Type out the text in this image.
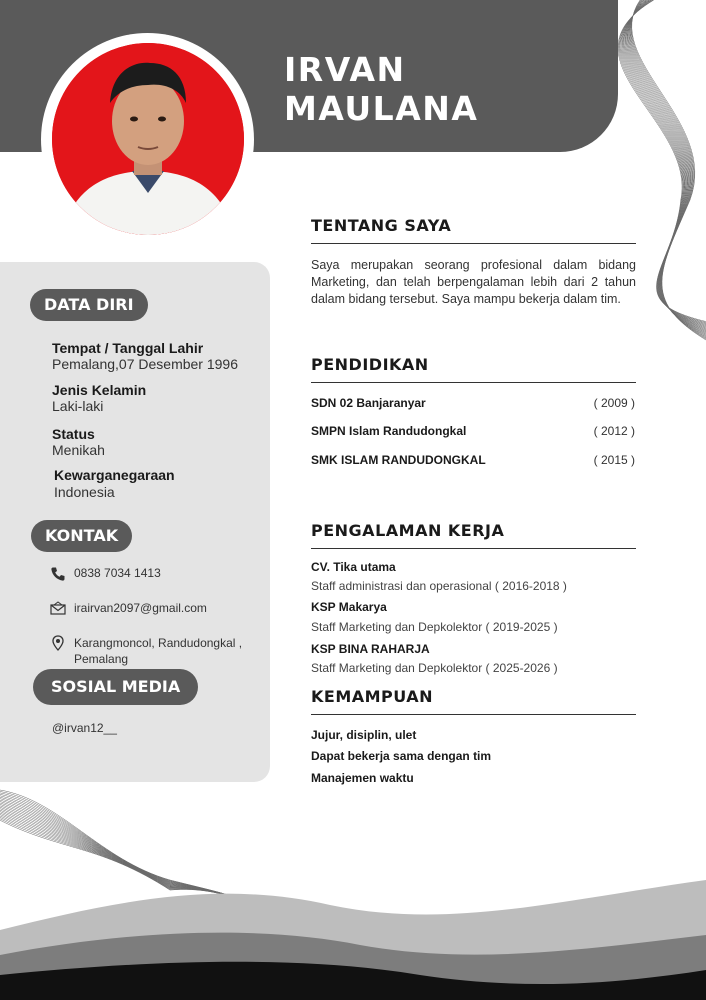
IRVAN MAULANA
DATA DIRI
Tempat / Tanggal Lahir
Pemalang,07 Desember 1996
Jenis Kelamin
Laki-laki
Status
Menikah
Kewarganegaraan
Indonesia
KONTAK
0838 7034 1413
irairvan2097@gmail.com
Karangmoncol, Randudongkal ,
Pemalang
SOSIAL MEDIA
@irvan12__
TENTANG SAYA
Saya merupakan seorang profesional dalam bidang Marketing, dan telah berpengalaman lebih dari 2 tahun dalam bidang tersebut. Saya mampu bekerja dalam tim.
PENDIDIKAN
SDN 02 Banjaranyar	( 2009 )
SMPN Islam Randudongkal	( 2012 )
SMK ISLAM RANDUDONGKAL	( 2015 )
PENGALAMAN KERJA
CV. Tika utama
Staff administrasi dan operasional ( 2016-2018 )
KSP Makarya
Staff Marketing dan Depkolektor ( 2019-2025 )
KSP BINA RAHARJA
Staff Marketing dan Depkolektor ( 2025-2026 )
KEMAMPUAN
Jujur, disiplin, ulet
Dapat bekerja sama dengan tim
Manajemen waktu
